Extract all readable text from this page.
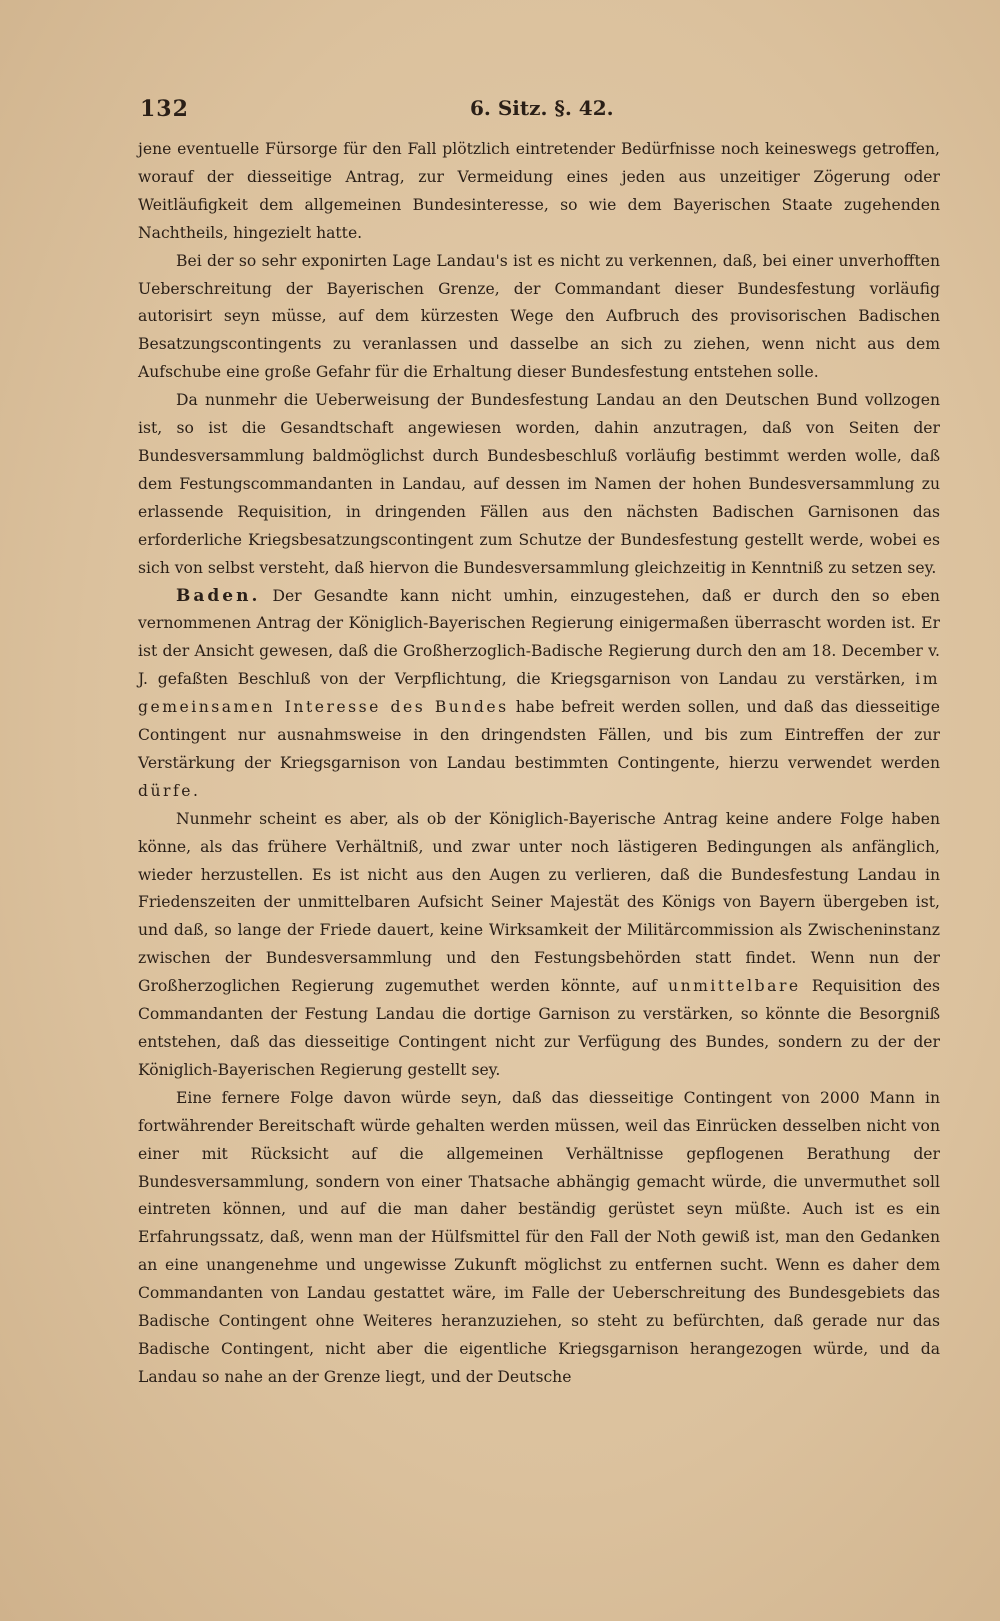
132	6. Sitz. §. 42.

jene eventuelle Fürsorge für den Fall plötzlich eintretender Bedürfnisse noch keineswegs getroffen, worauf der diesseitige Antrag, zur Vermeidung eines jeden aus unzeitiger Zögerung oder Weitläufigkeit dem allgemeinen Bundesinteresse, so wie dem Bayerischen Staate zugehenden Nachtheils, hingezielt hatte.

Bei der so sehr exponirten Lage Landau's ist es nicht zu verkennen, daß, bei einer unverhofften Ueberschreitung der Bayerischen Grenze, der Commandant dieser Bundesfestung vorläufig autorisirt seyn müsse, auf dem kürzesten Wege den Aufbruch des provisorischen Badischen Besatzungscontingents zu veranlassen und dasselbe an sich zu ziehen, wenn nicht aus dem Aufschube eine große Gefahr für die Erhaltung dieser Bundesfestung entstehen solle.

Da nunmehr die Ueberweisung der Bundesfestung Landau an den Deutschen Bund vollzogen ist, so ist die Gesandtschaft angewiesen worden, dahin anzutragen, daß von Seiten der Bundesversammlung baldmöglichst durch Bundesbeschluß vorläufig bestimmt werden wolle, daß dem Festungscommandanten in Landau, auf dessen im Namen der hohen Bundesversammlung zu erlassende Requisition, in dringenden Fällen aus den nächsten Badischen Garnisonen das erforderliche Kriegsbesatzungscontingent zum Schutze der Bundesfestung gestellt werde, wobei es sich von selbst versteht, daß hiervon die Bundesversammlung gleichzeitig in Kenntniß zu setzen sey.

Baden. Der Gesandte kann nicht umhin, einzugestehen, daß er durch den so eben vernommenen Antrag der Königlich-Bayerischen Regierung einigermaßen überrascht worden ist. Er ist der Ansicht gewesen, daß die Großherzoglich-Badische Regierung durch den am 18. December v. J. gefaßten Beschluß von der Verpflichtung, die Kriegsgarnison von Landau zu verstärken, im gemeinsamen Interesse des Bundes habe befreit werden sollen, und daß das diesseitige Contingent nur ausnahmsweise in den dringendsten Fällen, und bis zum Eintreffen der zur Verstärkung der Kriegsgarnison von Landau bestimmten Contingente, hierzu verwendet werden dürfe.

Nunmehr scheint es aber, als ob der Königlich-Bayerische Antrag keine andere Folge haben könne, als das frühere Verhältniß, und zwar unter noch lästigeren Bedingungen als anfänglich, wieder herzustellen. Es ist nicht aus den Augen zu verlieren, daß die Bundesfestung Landau in Friedenszeiten der unmittelbaren Aufsicht Seiner Majestät des Königs von Bayern übergeben ist, und daß, so lange der Friede dauert, keine Wirksamkeit der Militärcommission als Zwischeninstanz zwischen der Bundesversammlung und den Festungsbehörden statt findet. Wenn nun der Großherzoglichen Regierung zugemuthet werden könnte, auf unmittelbare Requisition des Commandanten der Festung Landau die dortige Garnison zu verstärken, so könnte die Besorgniß entstehen, daß das diesseitige Contingent nicht zur Verfügung des Bundes, sondern zu der der Königlich-Bayerischen Regierung gestellt sey.

Eine fernere Folge davon würde seyn, daß das diesseitige Contingent von 2000 Mann in fortwährender Bereitschaft würde gehalten werden müssen, weil das Einrücken desselben nicht von einer mit Rücksicht auf die allgemeinen Verhältnisse gepflogenen Berathung der Bundesversammlung, sondern von einer Thatsache abhängig gemacht würde, die unvermuthet soll eintreten können, und auf die man daher beständig gerüstet seyn müßte. Auch ist es ein Erfahrungssatz, daß, wenn man der Hülfsmittel für den Fall der Noth gewiß ist, man den Gedanken an eine unangenehme und ungewisse Zukunft möglichst zu entfernen sucht. Wenn es daher dem Commandanten von Landau gestattet wäre, im Falle der Ueberschreitung des Bundesgebiets das Badische Contingent ohne Weiteres heranzuziehen, so steht zu befürchten, daß gerade nur das Badische Contingent, nicht aber die eigentliche Kriegsgarnison herangezogen würde, und da Landau so nahe an der Grenze liegt, und der Deutsche
